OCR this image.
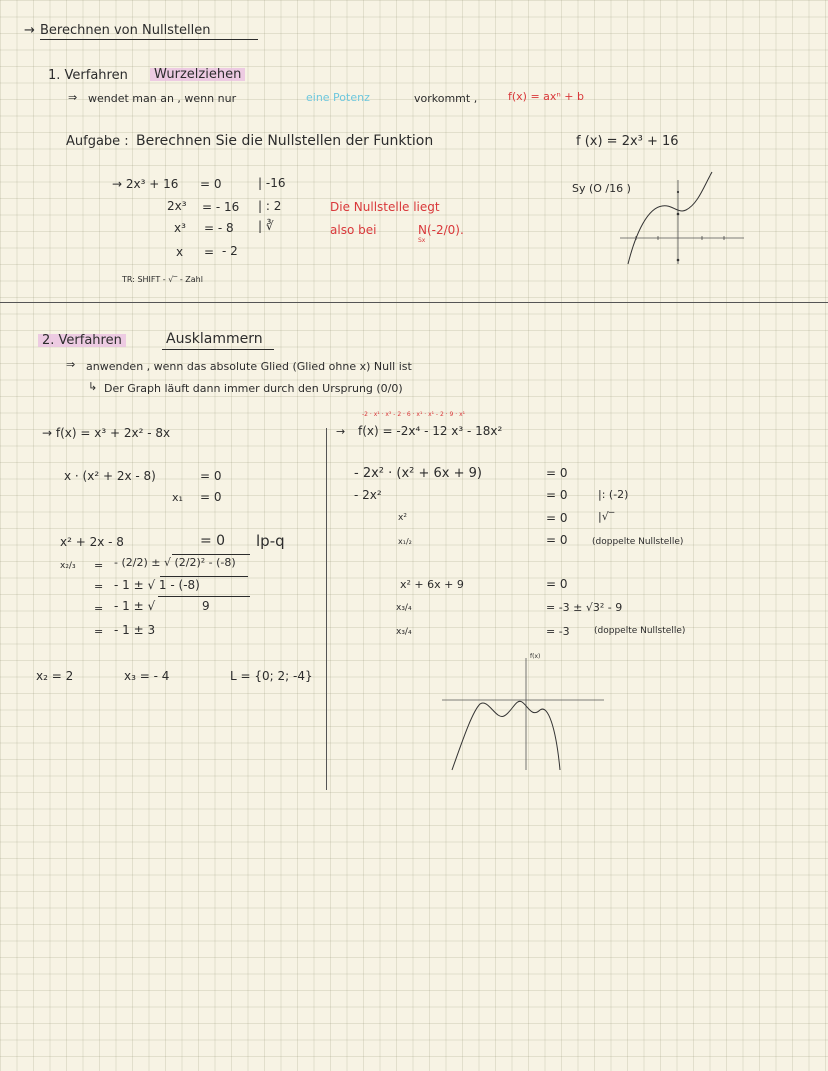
→ Berechnen von Nullstellen
1. Verfahren	Wurzelziehen
⇒ wendet man an , wenn nur	eine Potenz	vorkommt ,	f(x) = axⁿ + b
Aufgabe : Berechnen Sie die Nullstellen der Funktion	f (x) = 2x³ + 16
→ 2x³ + 16 = 0	| -16
2x³ = - 16 | : 2
x³ = - 8 | ∛
x = - 2
TR: SHIFT - √‾ - Zahl
Die Nullstelle liegt
also bei	N(-2/0).
Sx
Sy (O /16 )
2. Verfahren	Ausklammern
⇒ anwenden , wenn das absolute Glied (Glied ohne x) Null ist
↳ Der Graph läuft dann immer durch den Ursprung (0/0)
→ f(x) = x³ + 2x² - 8x
x · (x² + 2x - 8)	= 0
x₁ = 0
x² + 2x - 8	= 0 lp-q
x₂/₃ = - (2/2) ± √ (2/2)² - (-8)
= - 1 ± √ 1 - (-8)
= - 1 ± √	9
= - 1 ± 3
x₂ = 2	x₃ = - 4	L = {0; 2; -4}
-2 · x¹ · x³ - 2 · 6 · x¹ · x¹ - 2 · 9 · x¹
→ f(x) = -2x⁴ - 12 x³ - 18x²
- 2x² · (x² + 6x + 9)	= 0
- 2x²	= 0	|: (-2)
x²	= 0	|√‾
x₁/₂	= 0	(doppelte Nullstelle)
x² + 6x + 9	= 0
x₃/₄	= -3 ± √3² - 9
x₃/₄	= -3	(doppelte Nullstelle)
f(x)
